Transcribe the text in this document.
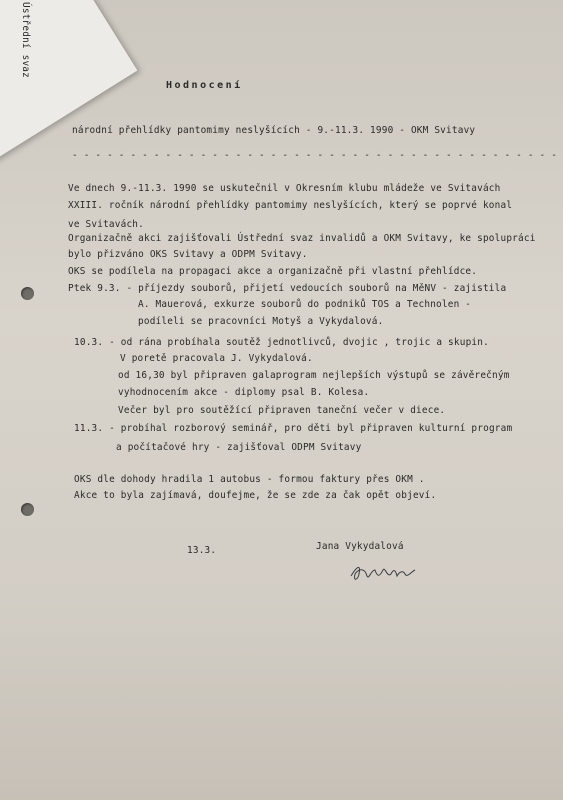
Hodnocení
národní přehlídky pantomimy neslyšících - 9.-11.3. 1990 - OKM Svitavy
- - - - - - - - - - - - - - - - - - - - - - - - - - - - - - - - - - - - - - - - - -
Ve dnech 9.-11.3. 1990 se uskutečnil v Okresním klubu mládeže ve Svitavách
XXIII. ročník národní přehlídky pantomimy neslyšících, který se poprvé konal
ve Svitavách.
Organizačně akci zajišťovali Ústřední svaz invalidů a OKM Svitavy, ke spolupráci
bylo přizváno OKS Svitavy a ODPM Svitavy.
OKS se podílela na propagaci akce a organizačně při vlastní přehlídce.
Ptek 9.3. - příjezdy souborů, přijetí vedoucích souborů na MěNV - zajistila
A. Mauerová, exkurze souborů do podniků TOS a Technolen -
podíleli se pracovníci Motyš a Vykydalová.
10.3. - od rána probíhala soutěž jednotlivců, dvojic , trojic a skupin.
V poretě pracovala J. Vykydalová.
od 16,30 byl připraven galaprogram nejlepších výstupů se závěrečným
vyhodnocením akce - diplomy psal B. Kolesa.
Večer byl pro soutěžící připraven taneční večer v diece.
11.3. - probíhal rozborový seminář, pro děti byl připraven kulturní program
a počítačové hry - zajišťoval ODPM Svitavy
OKS dle dohody hradila 1 autobus - formou faktury přes OKM .
Akce to byla zajímavá, doufejme, že se zde za čak opět objeví.
13.3.	Jana Vykydalová
